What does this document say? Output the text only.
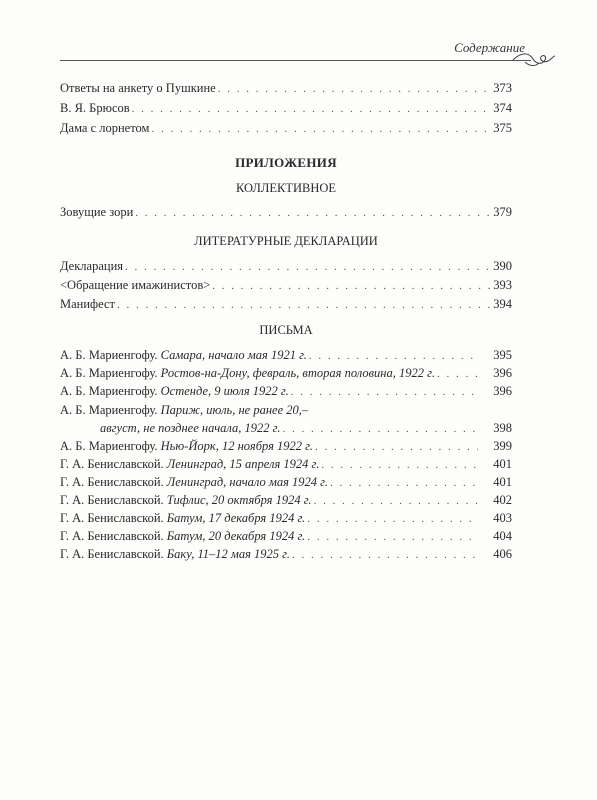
Содержание
Ответы на анкету о Пушкине . . .	373
В. Я. Брюсов . . .	374
Дама с лорнетом . . .	375
ПРИЛОЖЕНИЯ
КОЛЛЕКТИВНОЕ
Зовущие зори . . .	379
ЛИТЕРАТУРНЫЕ ДЕКЛАРАЦИИ
Декларация . . .	390
<Обращение имажинистов> . . .	393
Манифест . . .	394
ПИСЬМА
А. Б. Мариенгофу. Самара, начало мая 1921 г. . . .	395
А. Б. Мариенгофу. Ростов-на-Дону, февраль, вторая половина, 1922 г. . . .	396
А. Б. Мариенгофу. Остенде, 9 июля 1922 г. . . .	396
А. Б. Мариенгофу. Париж, июль, не ранее 20,–
август, не позднее начала, 1922 г. . . .	398
А. Б. Мариенгофу. Нью-Йорк, 12 ноября 1922 г. . . .	399
Г. А. Бениславской. Ленинград, 15 апреля 1924 г. . . .	401
Г. А. Бениславской. Ленинград, начало мая 1924 г. . . .	401
Г. А. Бениславской. Тифлис, 20 октября 1924 г. . . .	402
Г. А. Бениславской. Батум, 17 декабря 1924 г. . . .	403
Г. А. Бениславской. Батум, 20 декабря 1924 г. . . .	404
Г. А. Бениславской. Баку, 11–12 мая 1925 г. . . .	406
